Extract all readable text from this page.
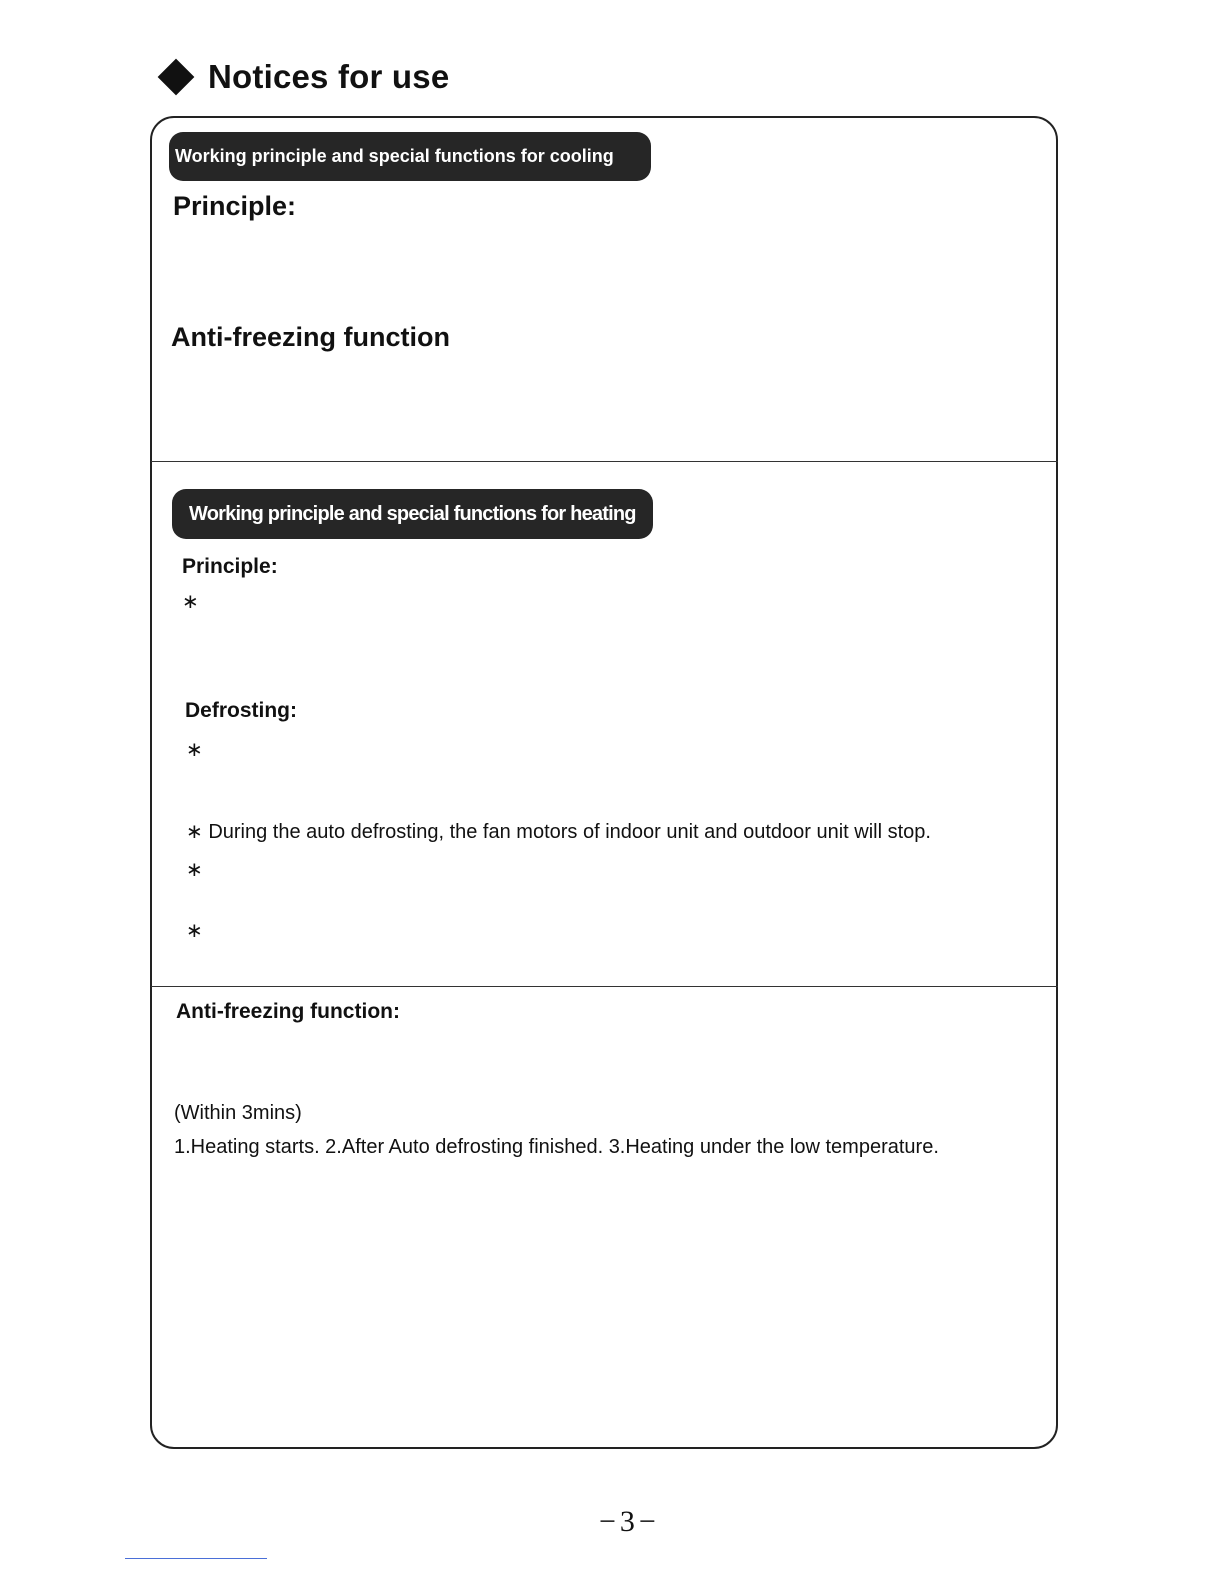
Notices for use
Working principle and special functions for cooling
Principle:
Anti-freezing function
Working principle and special functions for heating
Principle:
∗
Defrosting:
∗
∗ During the auto defrosting, the fan motors of indoor unit and outdoor unit will stop.
∗
∗
Anti-freezing function:
(Within 3mins)
1.Heating starts. 2.After Auto defrosting finished. 3.Heating under the low temperature.
−3−
